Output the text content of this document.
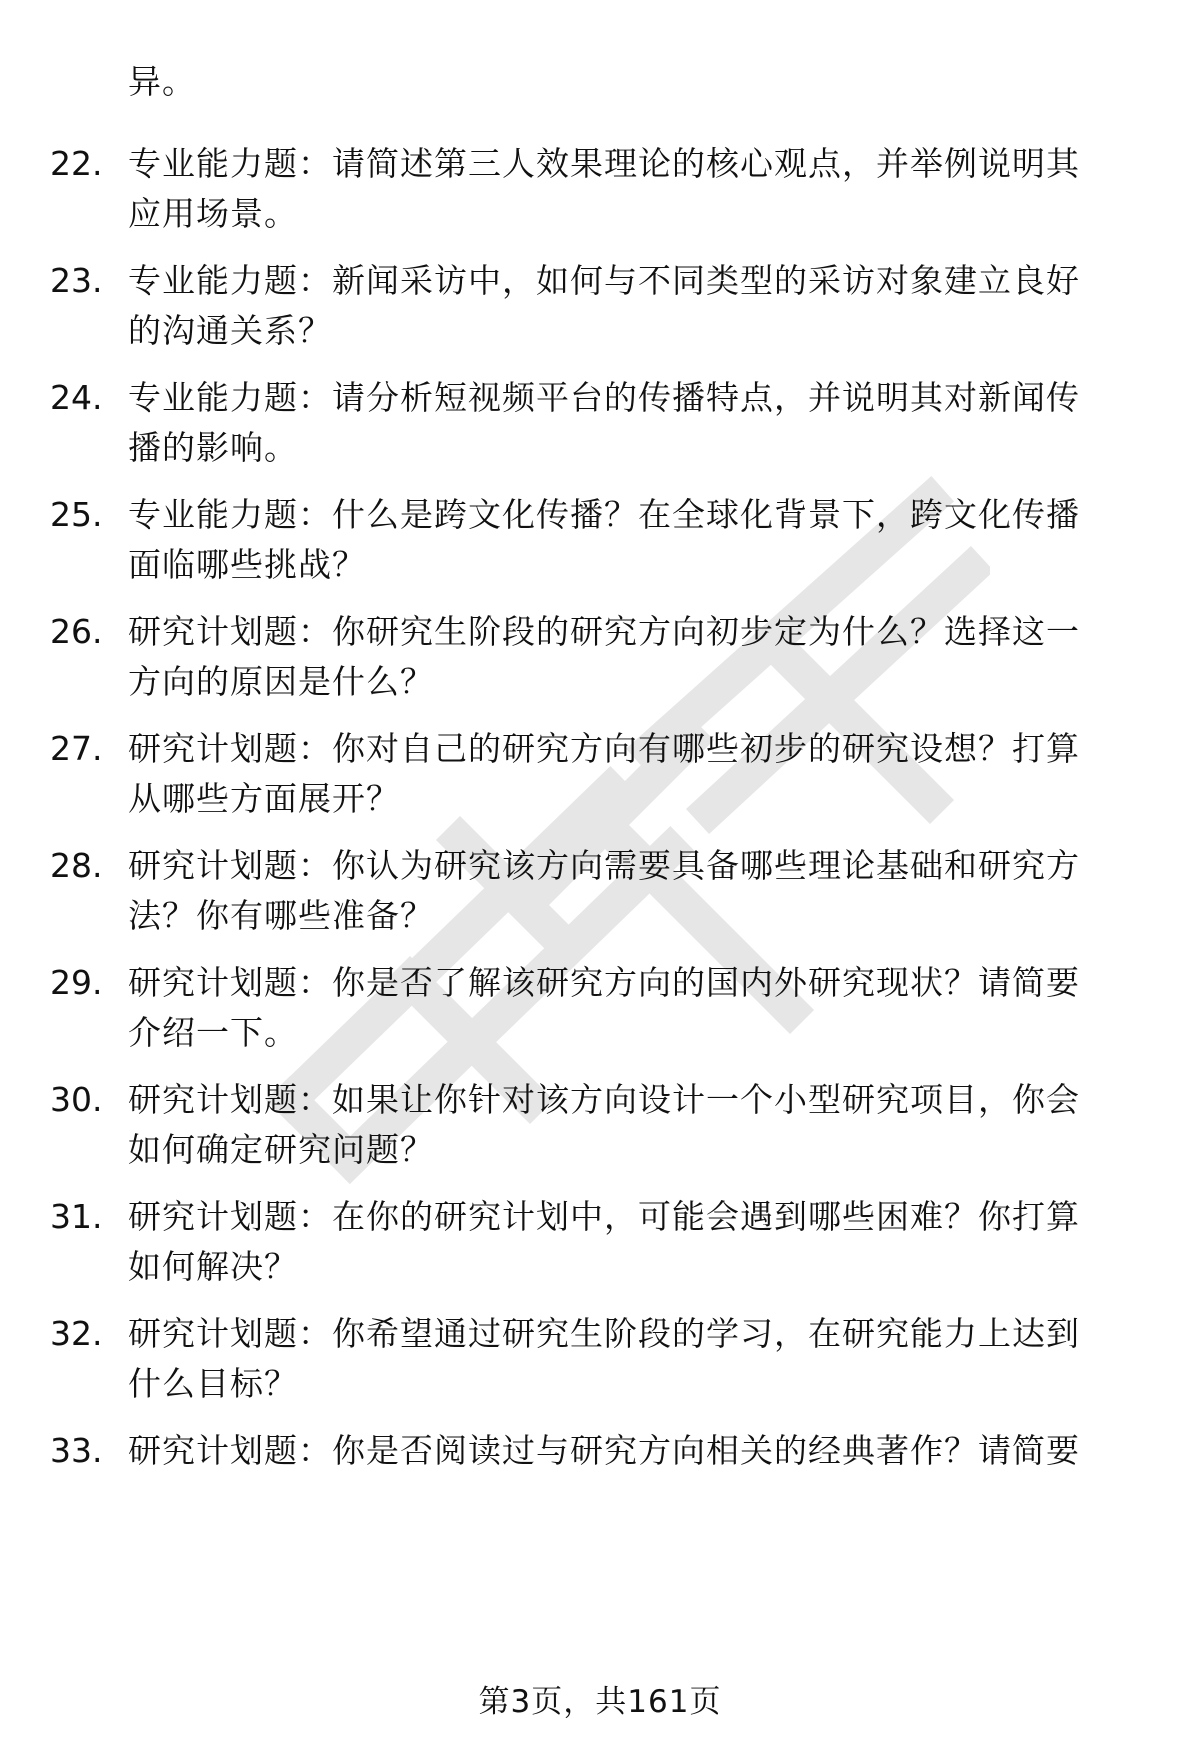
异。
22. 专业能力题：请简述第三人效果理论的核心观点，并举例说明其
应用场景。
23. 专业能力题：新闻采访中，如何与不同类型的采访对象建立良好
的沟通关系？
24. 专业能力题：请分析短视频平台的传播特点，并说明其对新闻传
播的影响。
25. 专业能力题：什么是跨文化传播？在全球化背景下，跨文化传播
面临哪些挑战？
26. 研究计划题：你研究生阶段的研究方向初步定为什么？选择这一
方向的原因是什么？
27. 研究计划题：你对自己的研究方向有哪些初步的研究设想？打算
从哪些方面展开？
28. 研究计划题：你认为研究该方向需要具备哪些理论基础和研究方
法？你有哪些准备？
29. 研究计划题：你是否了解该研究方向的国内外研究现状？请简要
介绍一下。
30. 研究计划题：如果让你针对该方向设计一个小型研究项目，你会
如何确定研究问题？
31. 研究计划题：在你的研究计划中，可能会遇到哪些困难？你打算
如何解决？
32. 研究计划题：你希望通过研究生阶段的学习，在研究能力上达到
什么目标？
33. 研究计划题：你是否阅读过与研究方向相关的经典著作？请简要
第3页，共161页
